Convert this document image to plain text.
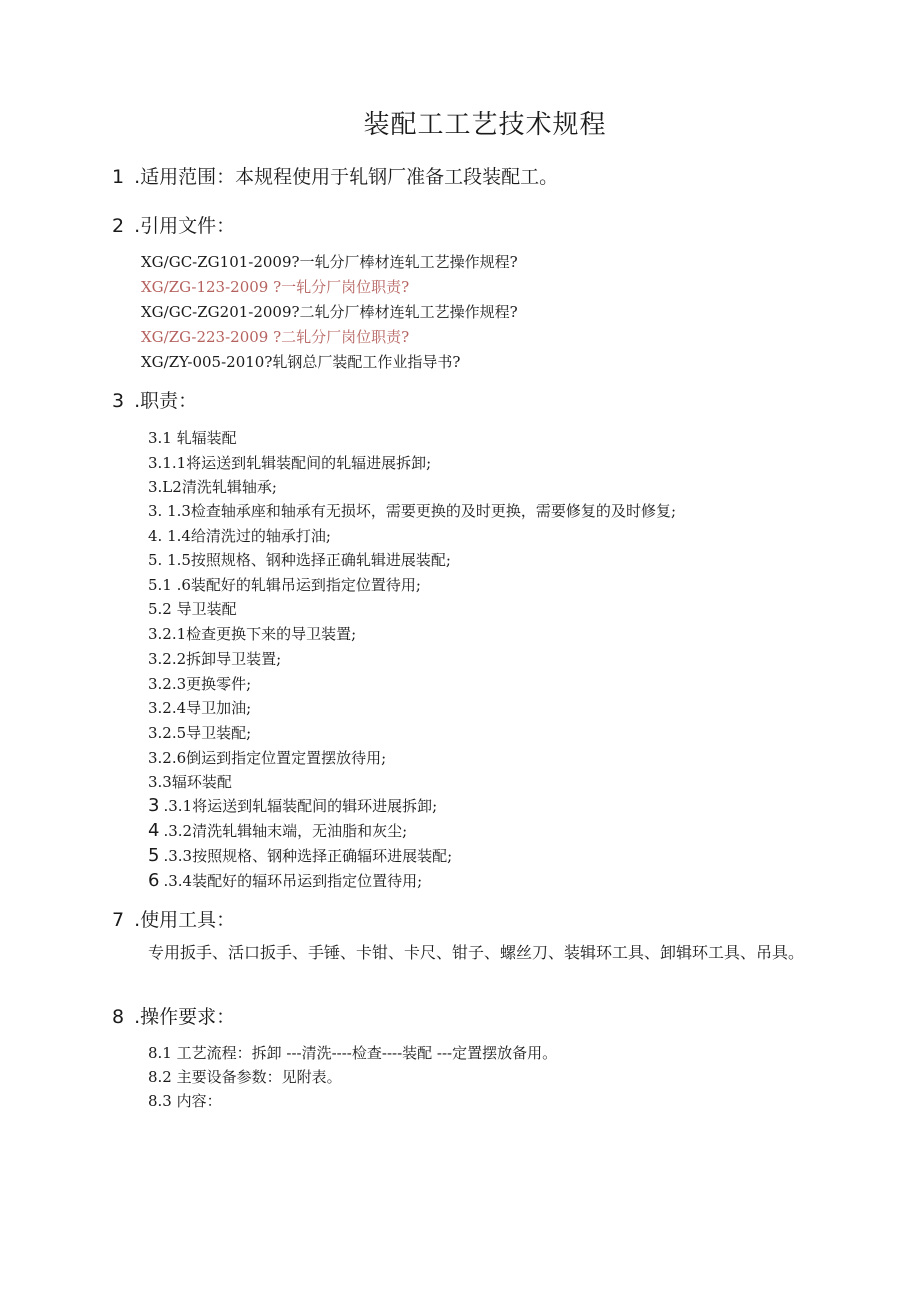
装配工工艺技术规程
1 .适用范围：本规程使用于轧钢厂准备工段装配工。
2 .引用文件：
XG/GC-ZG101-2009?一轧分厂棒材连轧工艺操作规程?
XG/ZG-123-2009 ?一轧分厂岗位职责?
XG/GC-ZG201-2009?二轧分厂棒材连轧工艺操作规程?
XG/ZG-223-2009 ?二轧分厂岗位职责?
XG/ZY-005-2010?轧钢总厂装配工作业指导书?
3 .职责：
3.1 轧辐装配
3.1.1将运送到轧辑装配间的轧辐进展拆卸;
3.L2清洗轧辑轴承;
3. 1.3检查轴承座和轴承有无损坏，需要更换的及时更换，需要修复的及时修复;
4. 1.4给清洗过的轴承打油;
5. 1.5按照规格、钢种选择正确轧辑进展装配;
5.1 .6装配好的轧辑吊运到指定位置待用;
5.2 导卫装配
3.2.1检查更换下来的导卫装置;
3.2.2拆卸导卫装置;
3.2.3更换零件;
3.2.4导卫加油;
3.2.5导卫装配;
3.2.6倒运到指定位置定置摆放待用;
3.3辐环装配
3 .3.1将运送到轧辐装配间的辑环进展拆卸;
4 .3.2清洗轧辑轴末端，无油脂和灰尘;
5 .3.3按照规格、钢种选择正确辐环进展装配;
6 .3.4装配好的辐环吊运到指定位置待用;
7 .使用工具：
专用扳手、活口扳手、手锤、卡钳、卡尺、钳子、螺丝刀、装辑环工具、卸辑环工具、吊具。
8 .操作要求：
8.1 工艺流程：拆卸 ---清洗----检查----装配 ---定置摆放备用。
8.2 主要设备参数：见附表。
8.3 内容：
